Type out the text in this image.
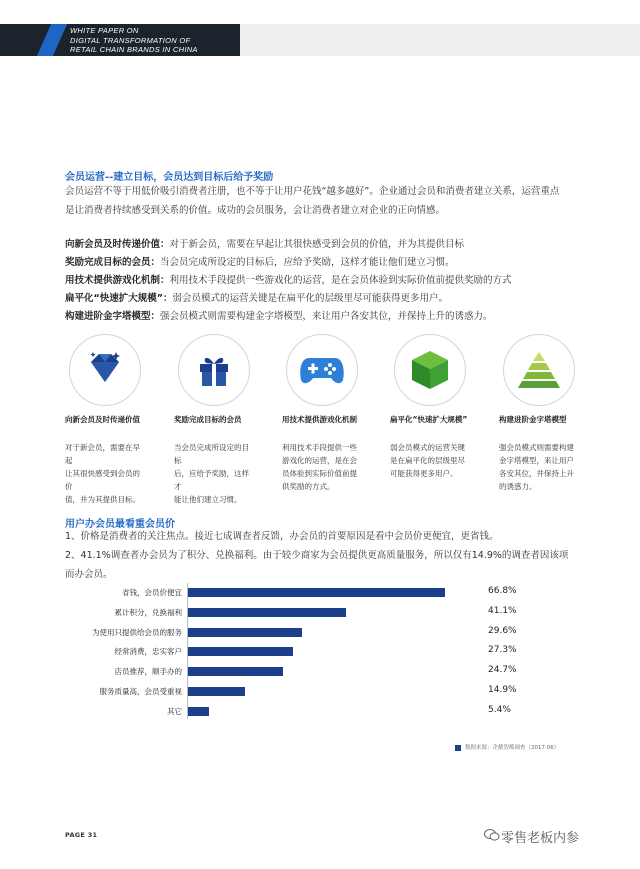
WHITE PAPER ON
DIGITAL TRANSFORMATION OF
RETAIL CHAIN BRANDS IN CHINA
会员运营--建立目标，会员达到目标后给予奖励
会员运营不等于用低价吸引消费者注册，也不等于让用户花钱“越多越好”。企业通过会员和消费者建立关系，运营重点
是让消费者持续感受到关系的价值。成功的会员服务，会让消费者建立对企业的正向情感。
向新会员及时传递价值：对于新会员，需要在早起让其很快感受到会员的价值，并为其提供目标
奖励完成目标的会员：当会员完成所设定的目标后，应给予奖励，这样才能让他们建立习惯。
用技术提供游戏化机制：利用技术手段提供一些游戏化的运营，是在会员体验到实际价值前提供奖励的方式
扁平化“快速扩大规模”：弱会员模式的运营关键是在扁平化的层级里尽可能获得更多用户。
构建进阶金字塔模型：强会员模式则需要构建金字塔模型，来让用户各安其位，并保持上升的诱惑力。
向新会员及时传递价值
对于新会员，需要在早起
让其很快感受到会员的价
值，并为其提供目标。
奖励完成目标的会员
当会员完成所设定的目标
后，应给予奖励，这样才
能让他们建立习惯。
用技术提供游戏化机制
利用技术手段提供一些
游戏化的运营，是在会
员体验到实际价值前提
供奖励的方式。
扁平化“快速扩大规模”
弱会员模式的运营关键
是在扁平化的层级里尽
可能获得更多用户。
构建进阶金字塔模型
强会员模式则需要构建
金字塔模型，来让用户
各安其位，并保持上升
的诱惑力。
用户办会员最看重会员价
1、价格是消费者的关注焦点。接近七成调查者反馈，办会员的首要原因是看中会员价更便宜，更省钱。
2、41.1%调查者办会员为了积分、兑换福利。由于较少商家为会员提供更高质量服务，所以仅有14.9%的调查者因该项
而办会员。
省钱，会员价便宜	66.8%
累计积分，兑换福利	41.1%
为使用只提供给会员的服务	29.6%
经常消费，忠实客户	27.3%
店员推荐，顺手办的	24.7%
服务质量高，会员受重视	14.9%
其它	5.4%
数据来源：企鹅智酷调查（2017.06）
PAGE 31	零售老板内参
